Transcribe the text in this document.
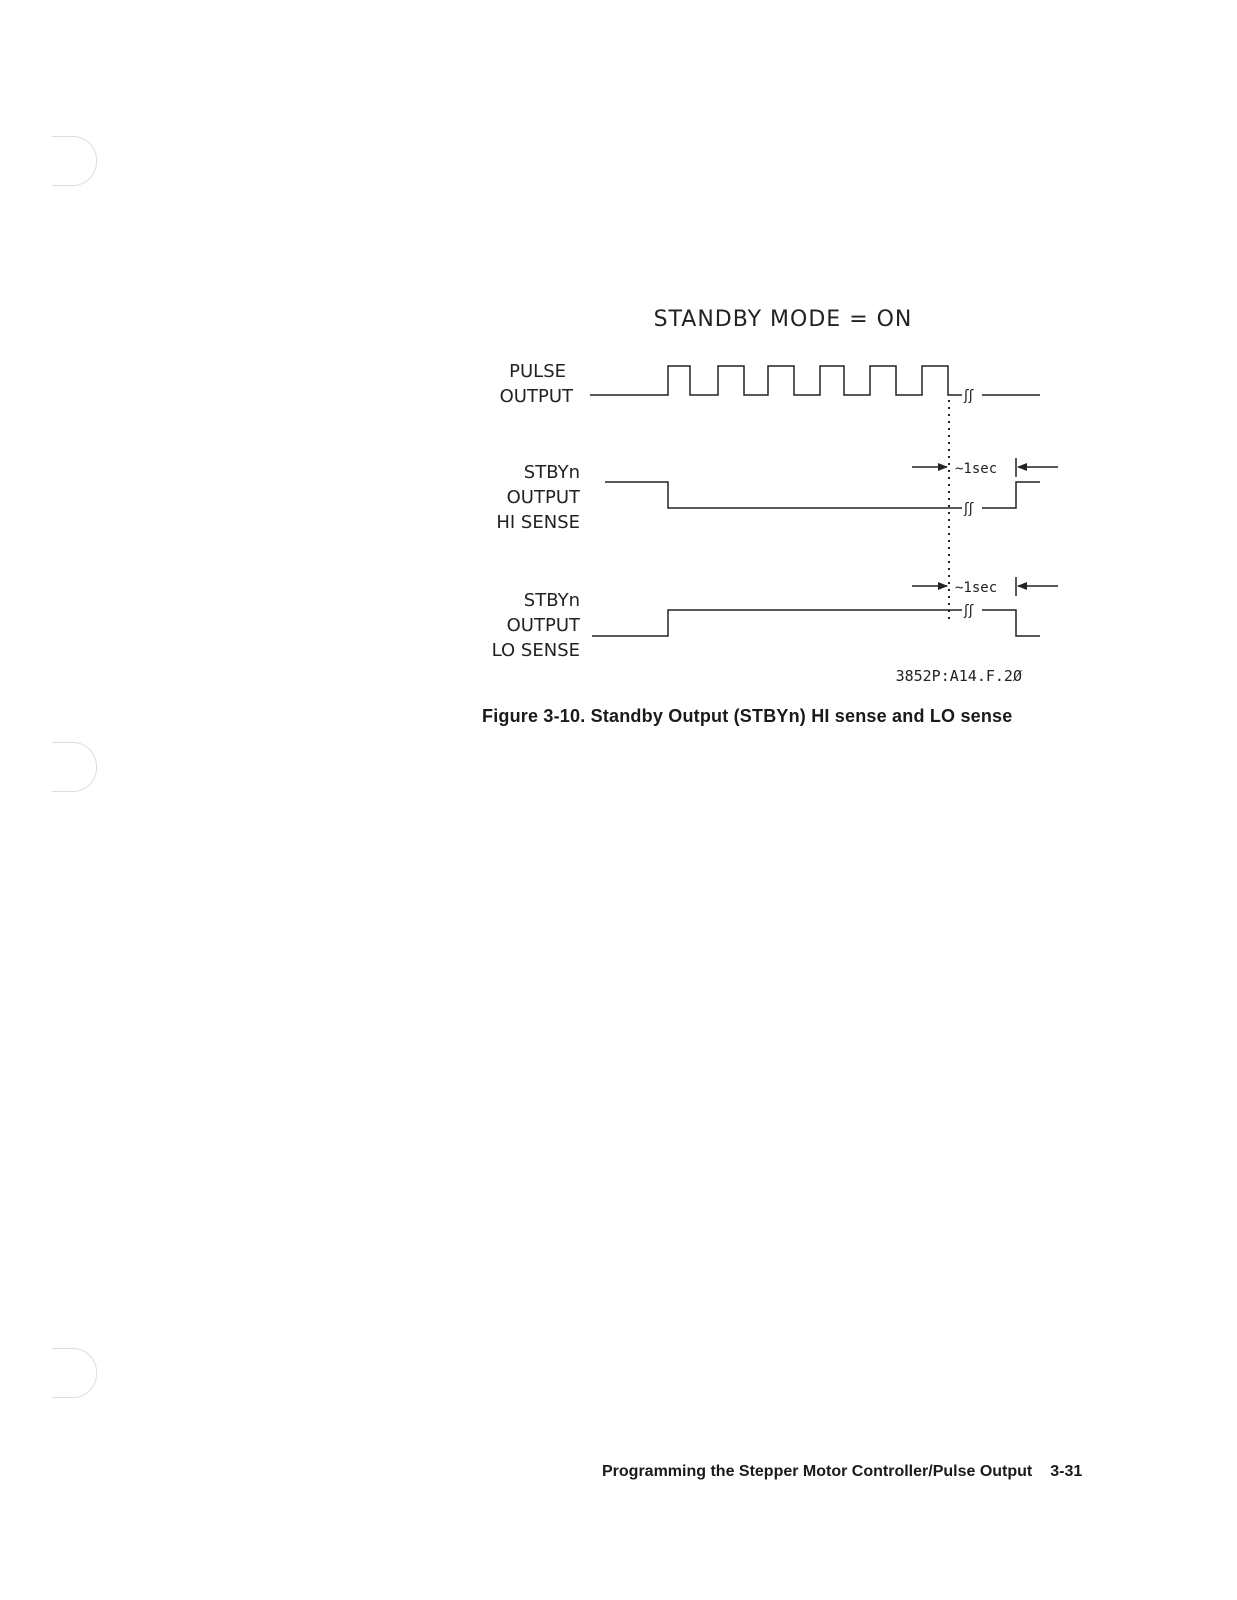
STANDBY MODE = ON
PULSE
OUTPUT
STBYn
OUTPUT
HI SENSE
STBYn
OUTPUT
LO SENSE
ʃʃ
ʃʃ
~1sec
ʃʃ
~1sec
3852P:A14.F.2Ø
Figure 3-10. Standby Output (STBYn) HI sense and LO sense
Programming the Stepper Motor Controller/Pulse Output 3-31
